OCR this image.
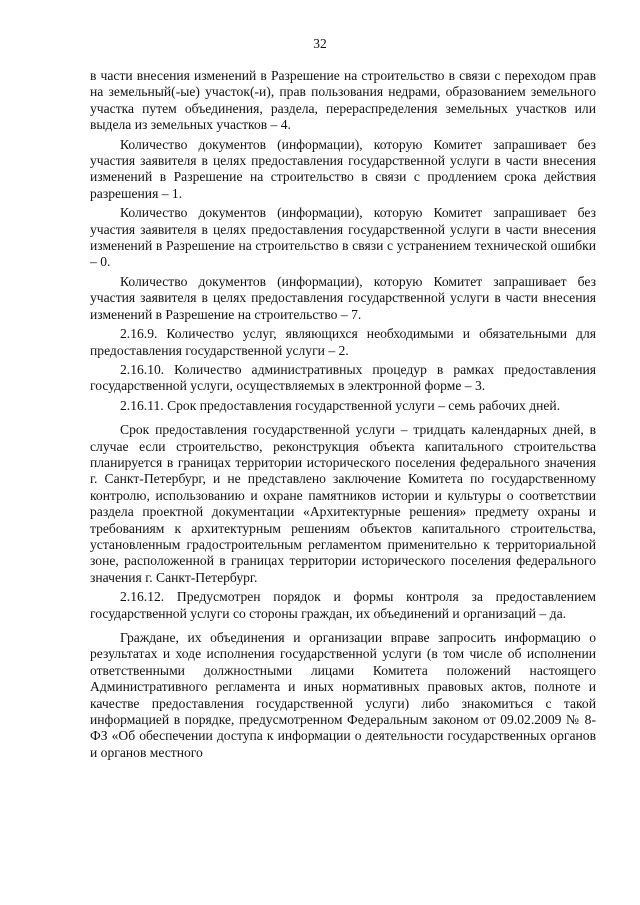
32

в части внесения изменений в Разрешение на строительство в связи с переходом прав на земельный(-ые) участок(-и), прав пользования недрами, образованием земельного участка путем объединения, раздела, перераспределения земельных участков или выдела из земельных участков – 4.

Количество документов (информации), которую Комитет запрашивает без участия заявителя в целях предоставления государственной услуги в части внесения изменений в Разрешение на строительство в связи с продлением срока действия разрешения – 1.

Количество документов (информации), которую Комитет запрашивает без участия заявителя в целях предоставления государственной услуги в части внесения изменений в Разрешение на строительство в связи с устранением технической ошибки – 0.

Количество документов (информации), которую Комитет запрашивает без участия заявителя в целях предоставления государственной услуги в части внесения изменений в Разрешение на строительство – 7.

2.16.9. Количество услуг, являющихся необходимыми и обязательными для предоставления государственной услуги – 2.

2.16.10. Количество административных процедур в рамках предоставления государственной услуги, осуществляемых в электронной форме – 3.

2.16.11. Срок предоставления государственной услуги – семь рабочих дней.

Срок предоставления государственной услуги – тридцать календарных дней, в случае если строительство, реконструкция объекта капитального строительства планируется в границах территории исторического поселения федерального значения г. Санкт-Петербург, и не представлено заключение Комитета по государственному контролю, использованию и охране памятников истории и культуры о соответствии раздела проектной документации «Архитектурные решения» предмету охраны и требованиям к архитектурным решениям объектов капитального строительства, установленным градостроительным регламентом применительно к территориальной зоне, расположенной в границах территории исторического поселения федерального значения г. Санкт-Петербург.

2.16.12. Предусмотрен порядок и формы контроля за предоставлением государственной услуги со стороны граждан, их объединений и организаций – да.

Граждане, их объединения и организации вправе запросить информацию о результатах и ходе исполнения государственной услуги (в том числе об исполнении ответственными должностными лицами Комитета положений настоящего Административного регламента и иных нормативных правовых актов, полноте и качестве предоставления государственной услуги) либо знакомиться с такой информацией в порядке, предусмотренном Федеральным законом от 09.02.2009 № 8-ФЗ «Об обеспечении доступа к информации о деятельности государственных органов и органов местного
